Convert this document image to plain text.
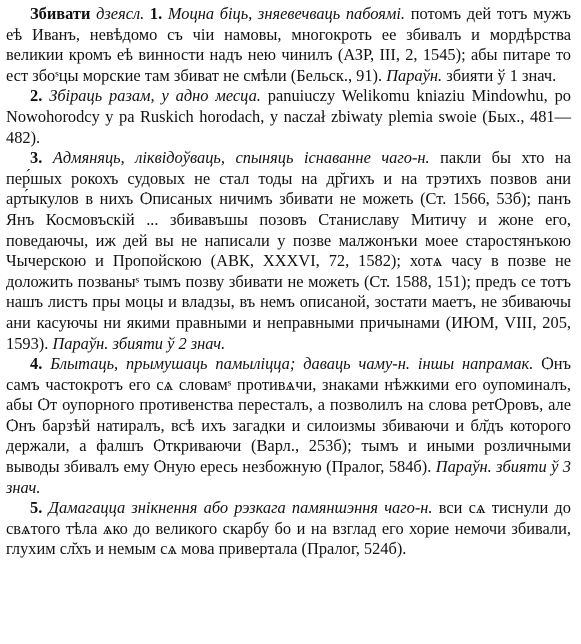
Збивати дзеясл. 1. Моцна біць, зняевечваць пабоямі. потомъ дей тотъ мужъ еѣ Иванъ, невѣдомо съ чіи намовы, многокроть ее збивалъ и мордѣрства великии кромъ еѣ винности надъ нею чинилъ (АЗР, III, 2, 1545); абы питаре то ест збоˢцы морские там збиват не смѣли (Бельск., 91). Параўн. збияти ў 1 знач.

2. Збіраць разам, у адно месца. panuiuczy Welikomu kniaziu Mindowhu, po Nowohorodcy y pa Ruskich horodach, y naczał zbiwaty plemia swoie (Бых., 481—482).

3. Адмяняць, ліквідоўваць, спыняць існаванне чаго-н. пакли бы хто на пер́шых рокохъ судовых не стал тоды на др̆гихъ и на трэтихъ позвов ани арт́ыкулов в нихъ Ѻписаных ничимъ збивати не можеть (Ст. 1566, 53б); панъ Янъ Космовъскій ... збивавъшы позовъ Станиславу Митичу и жоне его, поведаючы, иж дей вы не написали у позве малжонъки моее старостянъкою Чычерскою и Пропойскою (АВК, XXXVI, 72, 1582); хотѧ часу в позве не доложить позваныˢ тымъ позву збивати не можеть (Ст. 1588, 151); предъ се тотъ нашъ листъ пры моцы и владзы, въ немъ описаной, зостати маетъ, не збиваючы ани касуючы ни якими правными и неправными причынами (ИЮМ, VIII, 205, 1593). Параўн. збияти ў 2 знач.

4. Блытаць, прымушаць памыліцца; даваць чаму-н. іншы напрамак. Ѻнъ самъ частокротъ его сѧ словамˢ противѧчи, знаками нѣжкими его оупоминалъ, абы Ѻт оупорного противенства пересталъ, а позволилъ на слова ретѺровъ, але Ѻнъ барзѣй натиралъ, всѣ ихъ загадки и силоизмы збиваючи и бл̆дъ которого держали, а фалшъ Ѻткриваючи (Варл., 253б); тымъ и иными розличными выводы збивалъ ему Ѻную ересь незбожную (Пралог, 584б). Параўн. збияти ў 3 знач.

5. Дамагацца знікнення або рэзкага памяншэння чаго-н. вси сѧ тиснули до свѧтого тѣла ѧко до великого скарбу бо и на взглад его хорие немочи збивали, глухим сл̆хъ и немым сѧ мова привертала (Пралог, 524б).
